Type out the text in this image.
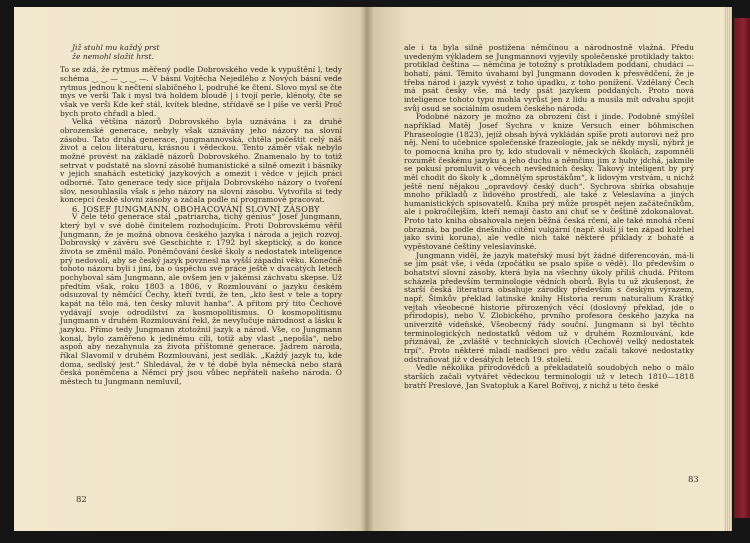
Již stuhl mu každý prst

že nemohl složit hrst.

To se zdá, že rytmus měřený podle Dobrovského vede k vypuštění l, tedy schéma ‿ ‿ — ‿ ‿ —. V básni Vojtěcha Nejedlého z Nových básní vede rytmus jednou k nečtení slabičného l, podruhé ke čtení. Slovo mysl se čte mys ve verši Tak i mysl tvá holdem bloudě | i tvojí perle, klénoty, čte se však ve verši Kde keř stál, kvítek bledne, střídavě se l píše ve verši Proč bych proto chřadl a bled.

Velká většina názorů Dobrovského byla uznávána i za druhé obrozenské generace, nebyly však uznávány jeho názory na slovní zásobu. Tato druhá generace, jungmannovská, chtěla počeštit celý náš život a celou literaturu, krásnou i vědeckou. Tento záměr však nebylo možné provést na základě názorů Dobrovského. Znamenalo by to totiž setrvat v podstatě na slovní zásobě humanistické a silně omezit i básníky v jejich snahách estetický jazykových a omezit i vědce v jejich práci odborné. Tato generace tedy sice přijala Dobrovského názory o tvoření slov, nesouhlasila však s jeho názory na slovní zásobu. Vytvořila si tedy koncepci české slovní zásoby a začala podle ní programově pracovat.

6. JOSEF JUNGMANN. OBOHACOVÁNÍ SLOVNÍ ZÁSOBY

V čele této generace stál „patriarcha, tichý génius“ Josef Jungmann, který byl v své době činitelem rozhodujícím. Proti Dobrovskému věřil Jungmann, že je možná obnova českého jazyka i národa a jejich rozvoj. Dobrovský v závěru své Geschichte r. 1792 byl skeptický, a do konce života se změnil málo. Poněmčování české školy a nedostatek inteligence prý nedovolí, aby se český jazyk povznesl na vyšší západní věku. Konečně tohoto názoru byli i jiní, ba o úspěchu své práce ještě v dvacátých letech pochyboval sám Jungmann, ale ovšem jen v jakémsi záchvatu skepse. Už předtím však, roku 1803 a 1806, v Rozmlouvání o jazyku českém odsuzoval ty němčící Čechy, kteří tvrdí, že ten, „kto šest v tele a topry kapát na tělo má, ten česky mluvit hanba“. A přitom prý tito Čechové vydávají svoje odrodilství za kosmopolitismus. O kosmopolitismu Jungmann v druhém Rozmlouvání řekl, že nevylučuje národnost a lásku k jazyku. Přímo tedy Jungmann ztotožnil jazyk a národ. Vše, co Jungmann konal, bylo zaměřeno k jedinému cíli, totiž aby vlast „nepošla“, nebo aspoň aby nezahynula za života příštomné generace. Jádrem národa, říkal Slavomil v druhém Rozmlouvání, jest sedlák. „Každý jazyk tu, kde doma, sedlský jest.“ Shledával, že v té době byla německá nebo stará česká poněmčena a Němci prý jsou vůbec nepřáteli našeho národa. O městech tu Jungmann nemluvil,

82

ale i ta byla silně postižena němčinou a národnostně vlažná. Předu uvedeným výkladem se Jungmannovi vyjevily společenské protiklady takto: protiklad čeština — němčina je totožný s protikladem poddaní, chudáci — bohatí, páni. Těmito úvahami byl Jungmann dovoden k přesvědčení, že je třeba národ i jazyk vyvést z toho úpadku, z toho ponížení. Vzdělaný Čech má psát česky vše, má tedy psát jazykem poddaných. Proto nová inteligence tohoto typu mohla vyrůst jen z lidu a musila mít odvahu spojit svůj osud se sociálním osudem českého národa.

Podobné názory je možno za obrození číst i jinde. Podobně smýšlel například Matěj Josef Sychra v knize Versuch einer böhmischen Phraseologie (1823), jejíž obsah bývá vykládán spíše proti autorovi než pro něj. Není to učebnice společenské frazeologie, jak se někdy myslí, nýbrž je to pomocná kniha pro ty, kdo studovali v německých školách, zapomněli rozumět českému jazyku a jeho duchu a němčinu jim z huby jdchá, jakmile se pokusí promluvit o věcech nevšedních česky. Takový inteligent by prý měl chodit do školy k „domnělým sprostákům“, k lidovým vrstvám, u nichž ještě není nějakou „opravdový český duch“. Sychrova sbírka obsahuje mnoho příkladů z lidového prostředí, ale také z Veleslavína a jiných humanistických spisovatelů. Kniha prý může prospět nejen začátečníkům, ale i pokročilejším, kteří nemají často ani chuť se v češtině zdokonalovat. Proto tato kniha obsahovala nejen běžná česká rčení, ale také mnohá rčení obrazná, ba podle dnešního cítění vulgární (např. sluší jí ten západ kolrhel jako svini koruna), ale vedle nich také některé příklady z bohaté a vypěstované češtiny veleslavínské.

Jungmann viděl, že jazyk mateřský musí být žádné diferencován, má-li se jím psát vše, i věda (zpočátku se psalo spíše o vědě). Ilo především o bohatství slovní zásoby, která byla na všechny úkoly příliš chudá. Přitom scházela především terminologie vědních oborů. Byla tu už zkušenost, že starší česká literatura obsahuje zárodky především s českým výrazem, např. Šimkův překlad latinské knihy Historia rerum naturalium Krátký vejtah všeobecné historie přirozených věcí (doslovný překlad, jde o přírodopis), nebo V. Zlobického, prvního profesora českého jazyka na univerzitě vídeňské, Všeobecný řády souční. Jungmann si byl těchto terminologických nedostatků vědom už v druhém Rozmlouvání, kde přiznával, že „zvláště v technických slovích (Čechově) velký nedostatek trpí“. Proto některé mladí nadšenci pro vědu začali takové nedostatky odstraňovat již v desátých letech 19. století.

Vedle několika přírodovědců a překladatelů soudobých nebo o málo starších začali vytvářet vědeckou terminologii už v letech 1810—1818 bratří Preslové, Jan Svatopluk a Karel Bořivoj, z nichž u této české

83
